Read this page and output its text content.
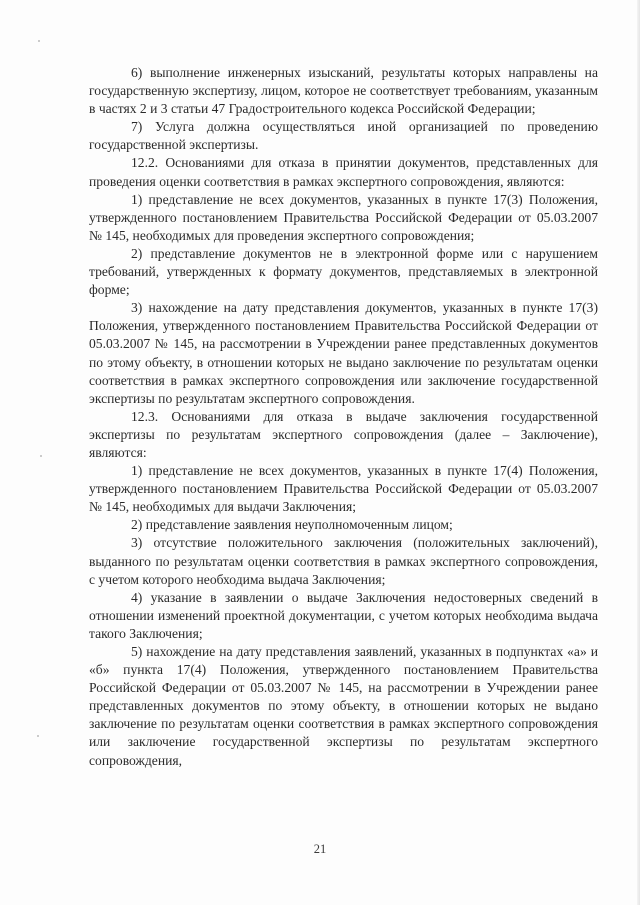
6) выполнение инженерных изысканий, результаты которых направлены на государственную экспертизу, лицом, которое не соответствует требованиям, указанным в частях 2 и 3 статьи 47 Градостроительного кодекса Российской Федерации;

7) Услуга должна осуществляться иной организацией по проведению государственной экспертизы.

12.2. Основаниями для отказа в принятии документов, представленных для проведения оценки соответствия в рамках экспертного сопровождения, являются:

1) представление не всех документов, указанных в пункте 17(3) Положения, утвержденного постановлением Правительства Российской Федерации от 05.03.2007 № 145, необходимых для проведения экспертного сопровождения;

2) представление документов не в электронной форме или с нарушением требований, утвержденных к формату документов, представляемых в электронной форме;

3) нахождение на дату представления документов, указанных в пункте 17(3) Положения, утвержденного постановлением Правительства Российской Федерации от 05.03.2007 № 145, на рассмотрении в Учреждении ранее представленных документов по этому объекту, в отношении которых не выдано заключение по результатам оценки соответствия в рамках экспертного сопровождения или заключение государственной экспертизы по результатам экспертного сопровождения.

12.3. Основаниями для отказа в выдаче заключения государственной экспертизы по результатам экспертного сопровождения (далее – Заключение), являются:

1) представление не всех документов, указанных в пункте 17(4) Положения, утвержденного постановлением Правительства Российской Федерации от 05.03.2007 № 145, необходимых для выдачи Заключения;

2) представление заявления неуполномоченным лицом;

3) отсутствие положительного заключения (положительных заключений), выданного по результатам оценки соответствия в рамках экспертного сопровождения, с учетом которого необходима выдача Заключения;

4) указание в заявлении о выдаче Заключения недостоверных сведений в отношении изменений проектной документации, с учетом которых необходима выдача такого Заключения;

5) нахождение на дату представления заявлений, указанных в подпунктах «а» и «б» пункта 17(4) Положения, утвержденного постановлением Правительства Российской Федерации от 05.03.2007 № 145, на рассмотрении в Учреждении ранее представленных документов по этому объекту, в отношении которых не выдано заключение по результатам оценки соответствия в рамках экспертного сопровождения или заключение государственной экспертизы по результатам экспертного сопровождения,

21
